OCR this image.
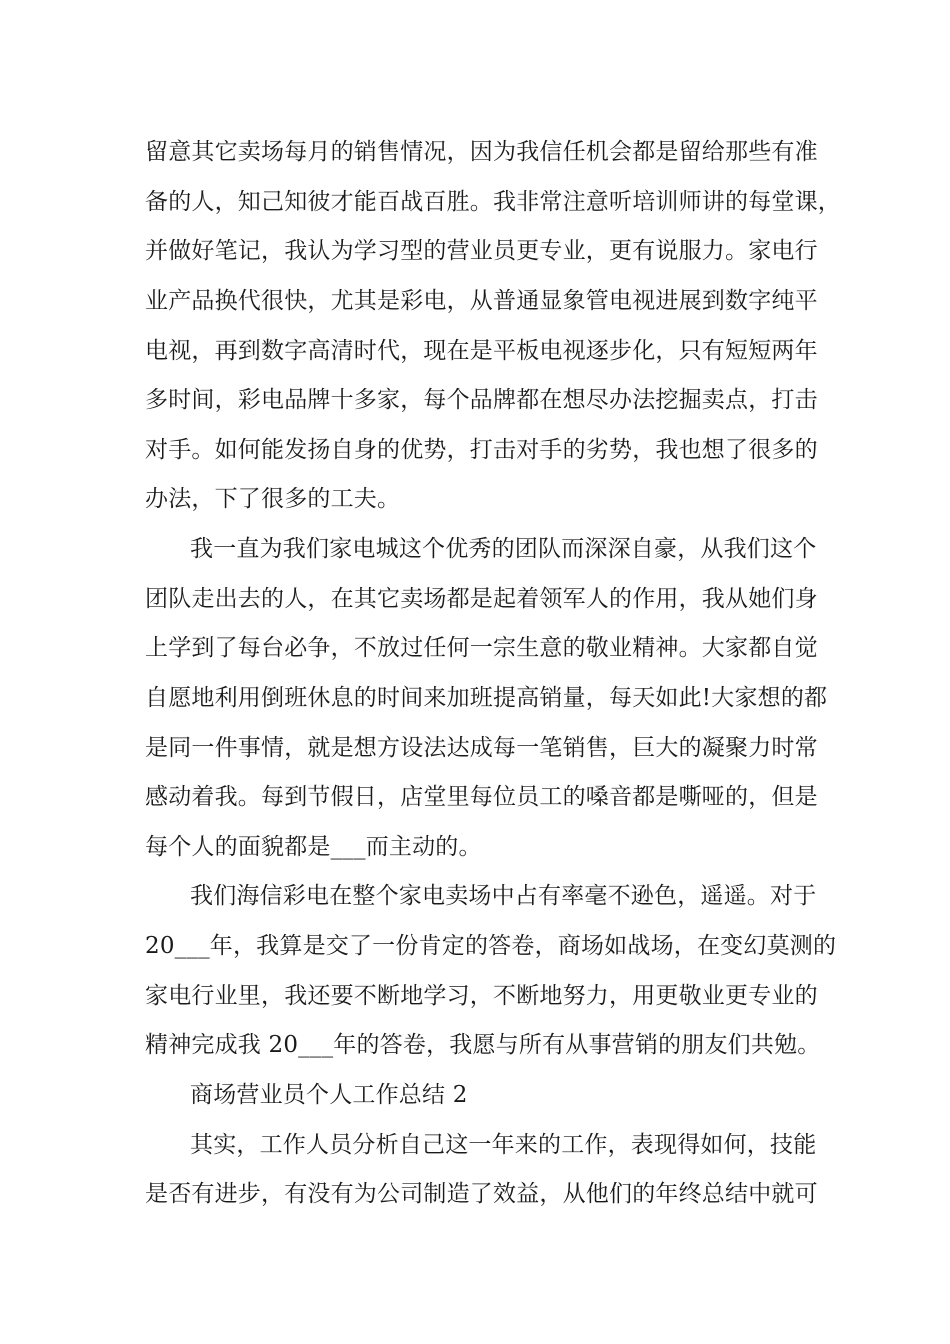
留意其它卖场每月的销售情况，因为我信任机会都是留给那些有准
备的人，知己知彼才能百战百胜。我非常注意听培训师讲的每堂课，
并做好笔记，我认为学习型的营业员更专业，更有说服力。家电行
业产品换代很快，尤其是彩电，从普通显象管电视进展到数字纯平
电视，再到数字高清时代，现在是平板电视逐步化，只有短短两年
多时间，彩电品牌十多家，每个品牌都在想尽办法挖掘卖点，打击
对手。如何能发扬自身的优势，打击对手的劣势，我也想了很多的
办法，下了很多的工夫。
我一直为我们家电城这个优秀的团队而深深自豪，从我们这个
团队走出去的人，在其它卖场都是起着领军人的作用，我从她们身
上学到了每台必争，不放过任何一宗生意的敬业精神。大家都自觉
自愿地利用倒班休息的时间来加班提高销量，每天如此!大家想的都
是同一件事情，就是想方设法达成每一笔销售，巨大的凝聚力时常
感动着我。每到节假日，店堂里每位员工的嗓音都是嘶哑的，但是
每个人的面貌都是___而主动的。
我们海信彩电在整个家电卖场中占有率毫不逊色，遥遥。对于
20___年，我算是交了一份肯定的答卷，商场如战场，在变幻莫测的
家电行业里，我还要不断地学习，不断地努力，用更敬业更专业的
精神完成我 20___年的答卷，我愿与所有从事营销的朋友们共勉。
商场营业员个人工作总结 2
其实，工作人员分析自己这一年来的工作，表现得如何，技能
是否有进步，有没有为公司制造了效益，从他们的年终总结中就可
